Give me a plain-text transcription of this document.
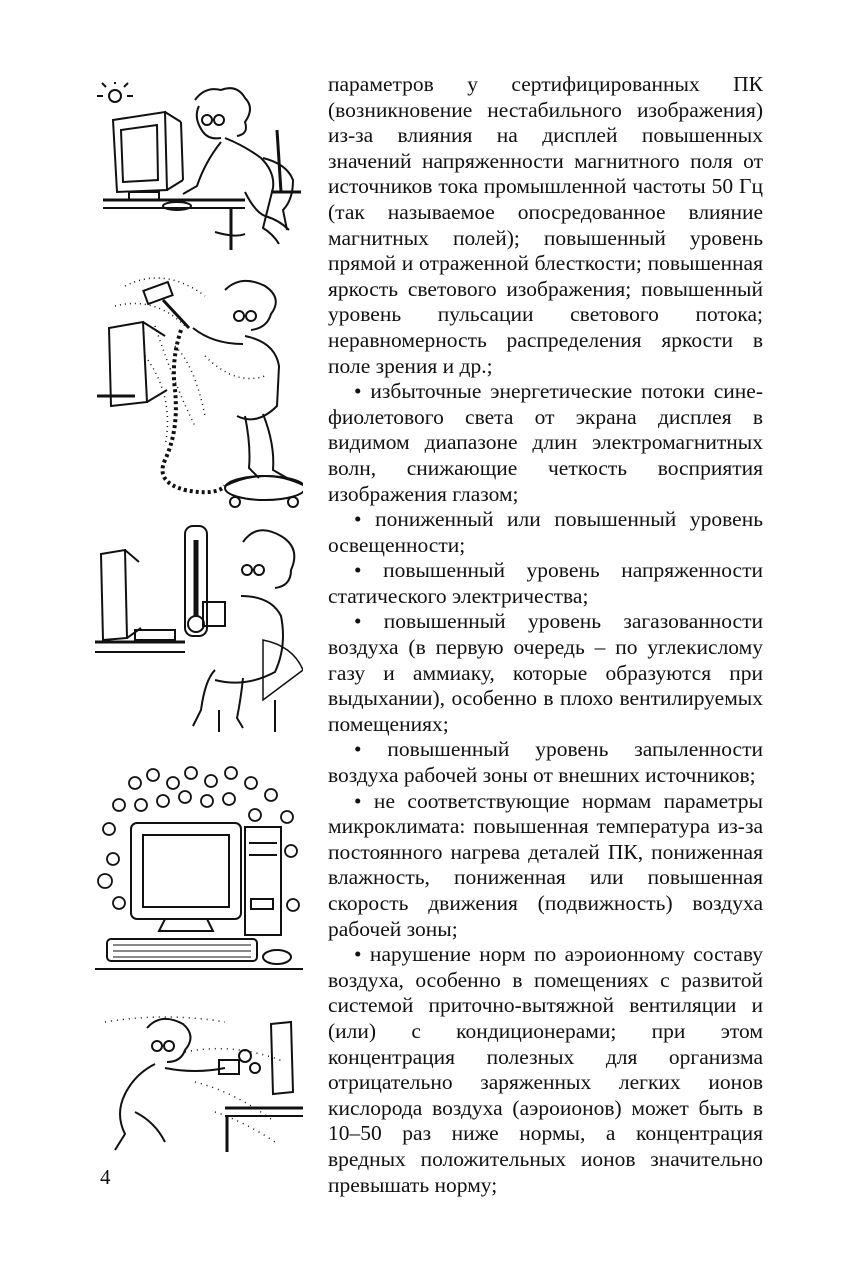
параметров у сертифицированных ПК (возникновение нестабильного изображения) из-за влияния на дисплей повышенных значений напряженности магнитного поля от источников тока промышленной частоты 50 Гц (так называемое опосредованное влияние магнитных полей); повышенный уровень прямой и отраженной блесткости; повышенная яркость светового изображения; повышенный уровень пульсации светового потока; неравномерность распределения яркости в поле зрения и др.;

• избыточные энергетические потоки сине-фиолетового света от экрана дисплея в видимом диапазоне длин электромагнитных волн, снижающие четкость восприятия изображения глазом;

• пониженный или повышенный уровень освещенности;

• повышенный уровень напряженности статического электричества;

• повышенный уровень загазованности воздуха (в первую очередь – по углекислому газу и аммиаку, которые образуются при выдыхании), особенно в плохо вентилируемых помещениях;

• повышенный уровень запыленности воздуха рабочей зоны от внешних источников;

• не соответствующие нормам параметры микроклимата: повышенная температура из-за постоянного нагрева деталей ПК, пониженная влажность, пониженная или повышенная скорость движения (подвижность) воздуха рабочей зоны;

• нарушение норм по аэроионному составу воздуха, особенно в помещениях с развитой системой приточно-вытяжной вентиляции и (или) с кондиционерами; при этом концентрация полезных для организма отрицательно заряженных легких ионов кислорода воздуха (аэроионов) может быть в 10–50 раз ниже нормы, а концентрация вредных положительных ионов значительно превышать норму;

4
